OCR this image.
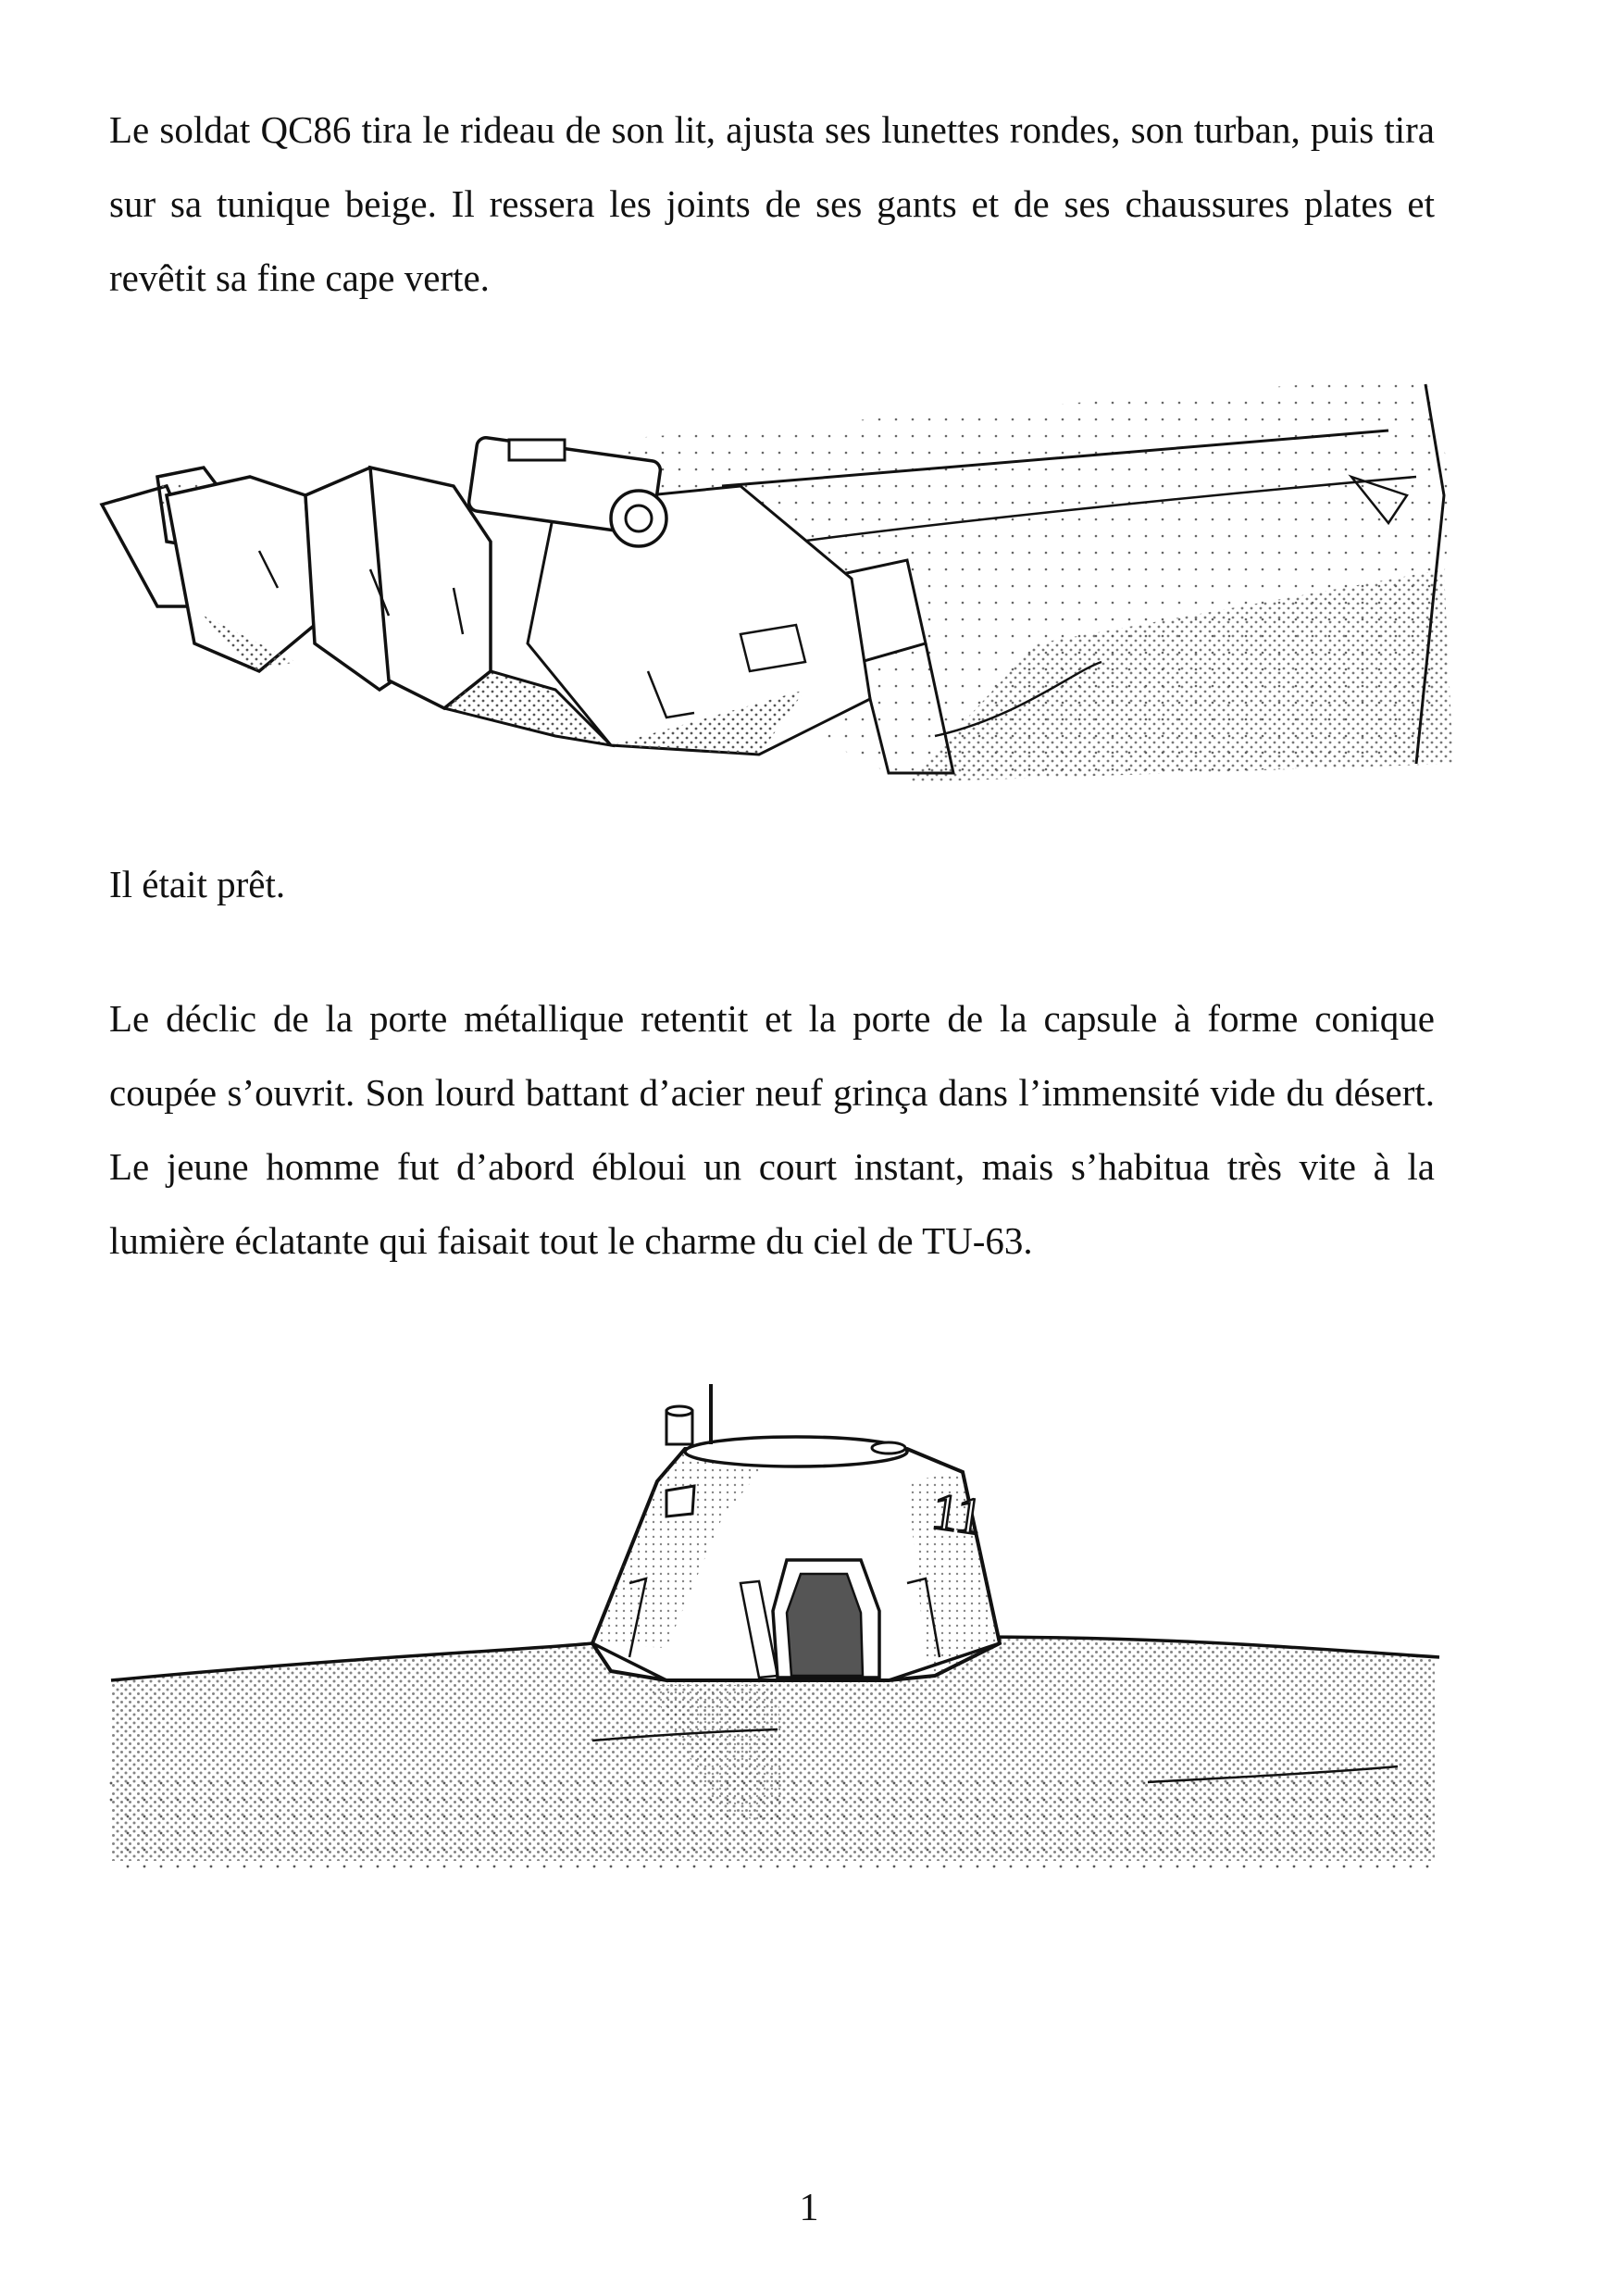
Le soldat QC86 tira le rideau de son lit, ajusta ses lunettes rondes, son turban, puis tira sur sa tunique beige. Il ressera les joints de ses gants et de ses chaussures plates et revêtit sa fine cape verte.

Il était prêt.

Le déclic de la porte métallique retentit et la porte de la capsule à forme conique coupée s’ouvrit. Son lourd battant d’acier neuf grinça dans l’immensité vide du désert. Le jeune homme fut d’abord ébloui un court instant, mais s’habitua très vite à la lumière éclatante qui faisait tout le charme du ciel de TU-63.

11
1
